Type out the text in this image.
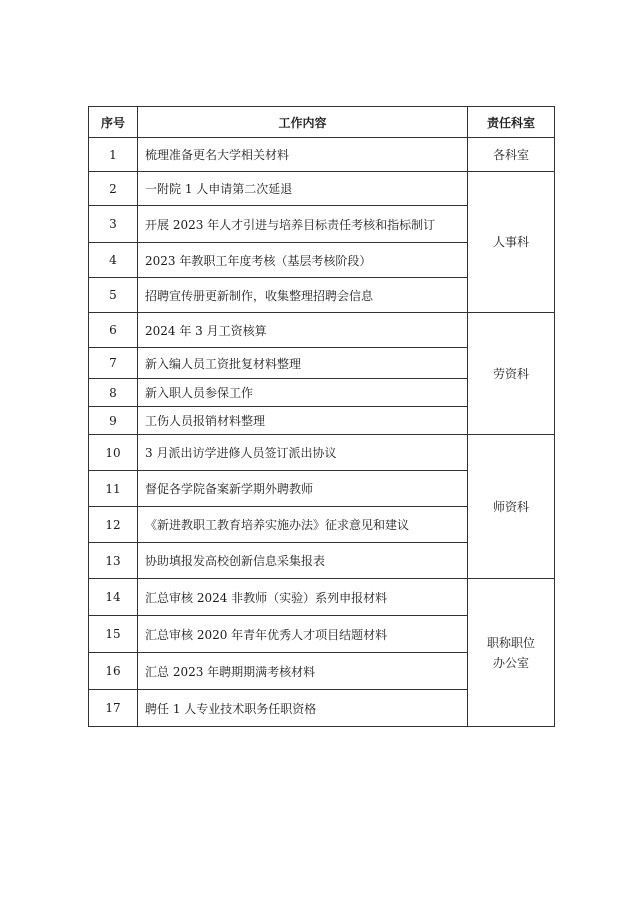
序号	工作内容	责任科室
1	梳理准备更名大学相关材料	各科室

2	一附院 1 人申请第二次延退	人事科

3	开展 2023 年人才引进与培养目标责任考核和指标制订	
4	2023 年教职工年度考核（基层考核阶段）	
5	招聘宣传册更新制作，收集整理招聘会信息	
6	2024 年 3 月工资核算	劳资科

7	新入编人员工资批复材料整理	
8	新入职人员参保工作	
9	工伤人员报销材料整理	
10	3 月派出访学进修人员签订派出协议	师资科

11	督促各学院备案新学期外聘教师	
12	《新进教职工教育培养实施办法》征求意见和建议	
13	协助填报发高校创新信息采集报表	
14	汇总审核 2024 非教师（实验）系列申报材料	职称职位
办公室

15	汇总审核 2020 年青年优秀人才项目结题材料	
16	汇总 2023 年聘期期满考核材料	
17	聘任 1 人专业技术职务任职资格	
